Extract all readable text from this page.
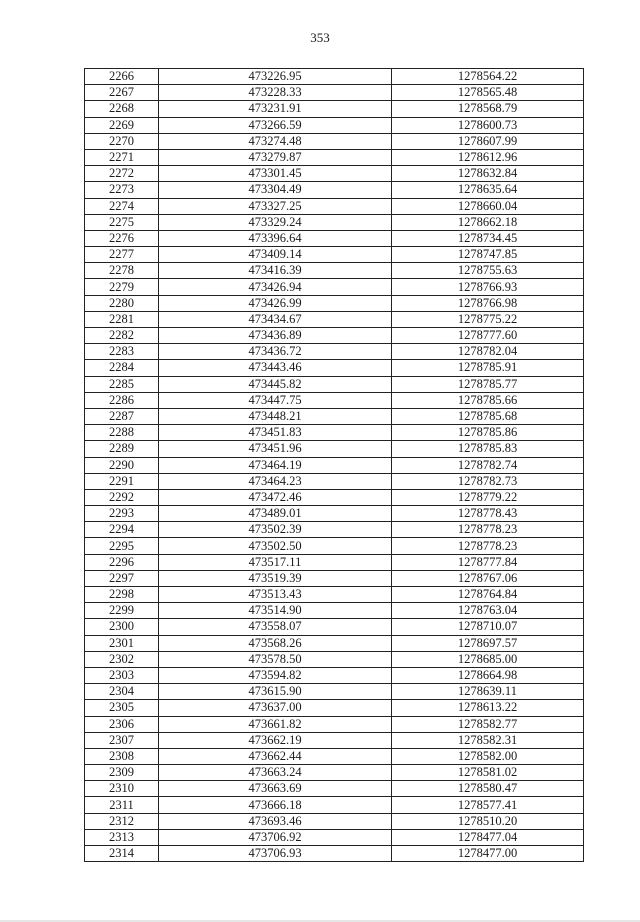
353
2266	473226.95	1278564.22
2267	473228.33	1278565.48
2268	473231.91	1278568.79
2269	473266.59	1278600.73
2270	473274.48	1278607.99
2271	473279.87	1278612.96
2272	473301.45	1278632.84
2273	473304.49	1278635.64
2274	473327.25	1278660.04
2275	473329.24	1278662.18
2276	473396.64	1278734.45
2277	473409.14	1278747.85
2278	473416.39	1278755.63
2279	473426.94	1278766.93
2280	473426.99	1278766.98
2281	473434.67	1278775.22
2282	473436.89	1278777.60
2283	473436.72	1278782.04
2284	473443.46	1278785.91
2285	473445.82	1278785.77
2286	473447.75	1278785.66
2287	473448.21	1278785.68
2288	473451.83	1278785.86
2289	473451.96	1278785.83
2290	473464.19	1278782.74
2291	473464.23	1278782.73
2292	473472.46	1278779.22
2293	473489.01	1278778.43
2294	473502.39	1278778.23
2295	473502.50	1278778.23
2296	473517.11	1278777.84
2297	473519.39	1278767.06
2298	473513.43	1278764.84
2299	473514.90	1278763.04
2300	473558.07	1278710.07
2301	473568.26	1278697.57
2302	473578.50	1278685.00
2303	473594.82	1278664.98
2304	473615.90	1278639.11
2305	473637.00	1278613.22
2306	473661.82	1278582.77
2307	473662.19	1278582.31
2308	473662.44	1278582.00
2309	473663.24	1278581.02
2310	473663.69	1278580.47
2311	473666.18	1278577.41
2312	473693.46	1278510.20
2313	473706.92	1278477.04
2314	473706.93	1278477.00
